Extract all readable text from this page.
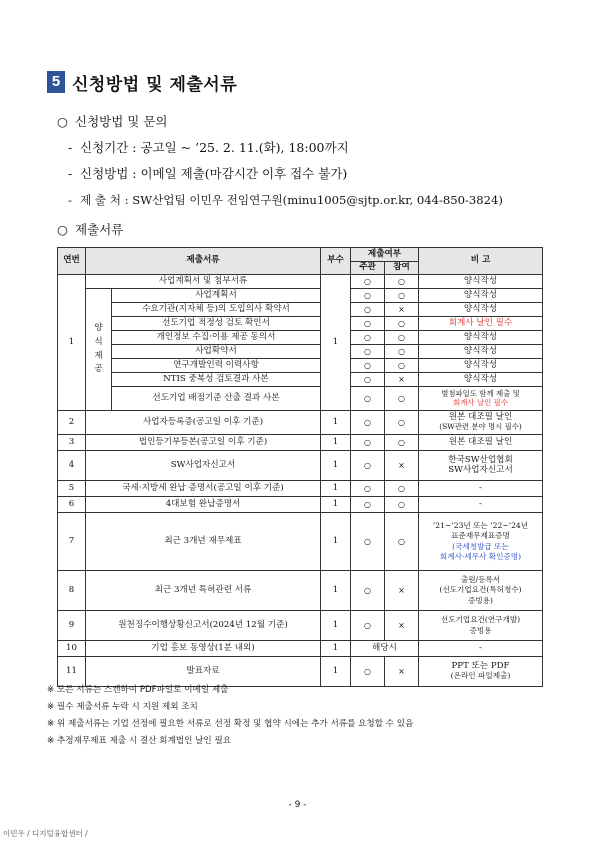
5 신청방법 및 제출서류
○ 신청방법 및 문의
- 신청기간 : 공고일 ~ ’25. 2. 11.(화), 18:00까지
- 신청방법 : 이메일 제출(마감시간 이후 접수 불가)
- 제 출 처 : SW산업팀 이민우 전임연구원(minu1005@sjtp.or.kr, 044-850-3824)
○ 제출서류
연번	제출서류		부수	제출여부		비 고
				주관	참여	
1	사업계획서 및 첨부서류		1	○	○	양식작성
	양
식
제
공	사업계획서		○	○	양식작성
		수요기관(지자체 등)의 도입의사 확약서		○	×	양식작성
		선도기업 적정성 검토 확인서		○	○	회계사 날인 필수
		개인정보 수집·이용 제공 동의서		○	○	양식작성
		사업확약서		○	○	양식작성
		연구개발인력 이력사항		○	○	양식작성
		NTIS 중복성 검토결과 사본		○	×	양식작성
		선도기업 배점기준 산출 결과 사본		○	○	별첨파일도 함께 제출 및
회계사 날인 필수
2	사업자등록증(공고일 이후 기준)		1	○	○	원본 대조필 날인
(SW관련 분야 명시 필수)
3	법인등기부등본(공고일 이후 기준)		1	○	○	원본 대조필 날인
4	SW사업자신고서		1	○	×	한국SW산업협회
SW사업자신고서
5	국세·지방세 완납 증명서(공고일 이후 기준)		1	○	○	-
6	4대보험 완납증명서		1	○	○	-
7	최근 3개년 재무제표		1	○	○	’21~’23년 또는 ’22~’24년
표준재무제표증명
(국세청발급 또는
회계사·세무사 확인증명)
8	최근 3개년 특허관련 서류		1	○	×	출원/등록서
(선도기업요건(특허청수)
증빙용)
9	원천징수이행상황신고서(2024년 12월 기준)		1	○	×	선도기업요건(연구개발)
증빙용
10	기업 홍보 동영상(1분 내외)		1	해당시		-
11	발표자료		1	○	×	PPT 또는 PDF
(온라인 파일제출)
※ 모든 서류는 스캔하여 PDF파일로 이메일 제출
※ 필수 제출서류 누락 시 지원 제외 조치
※ 위 제출서류는 기업 선정에 필요한 서류로 선정 확정 및 협약 시에는 추가 서류를 요청할 수 있음
※ 추정재무제표 제출 시 결산 회계법인 날인 필요
- 9 -
이민우 / 디지털융합센터 /
